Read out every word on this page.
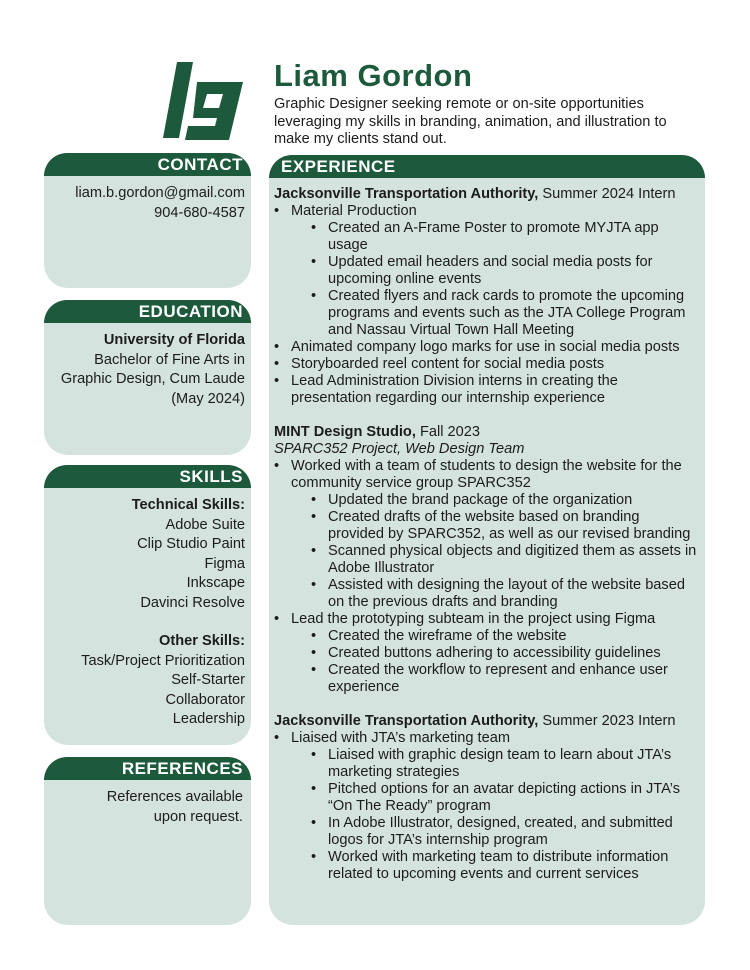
Liam Gordon
Graphic Designer seeking remote or on-site opportunities leveraging my skills in branding, animation, and illustration to make my clients stand out.
CONTACT
liam.b.gordon@gmail.com
904-680-4587
EDUCATION
University of Florida
Bachelor of Fine Arts in
Graphic Design, Cum Laude
(May 2024)
SKILLS
Technical Skills:
Adobe Suite
Clip Studio Paint
Figma
Inkscape
Davinci Resolve
Other Skills:
Task/Project Prioritization
Self-Starter
Collaborator
Leadership
REFERENCES
References available
upon request.
EXPERIENCE
Jacksonville Transportation Authority, Summer 2024 Intern
• Material Production
• Created an A-Frame Poster to promote MYJTA app usage
• Updated email headers and social media posts for upcoming online events
• Created flyers and rack cards to promote the upcoming programs and events such as the JTA College Program and Nassau Virtual Town Hall Meeting
• Animated company logo marks for use in social media posts
• Storyboarded reel content for social media posts
• Lead Administration Division interns in creating the presentation regarding our internship experience
MINT Design Studio, Fall 2023
SPARC352 Project, Web Design Team
• Worked with a team of students to design the website for the community service group SPARC352
• Updated the brand package of the organization
• Created drafts of the website based on branding provided by SPARC352, as well as our revised branding
• Scanned physical objects and digitized them as assets in Adobe Illustrator
• Assisted with designing the layout of the website based on the previous drafts and branding
• Lead the prototyping subteam in the project using Figma
• Created the wireframe of the website
• Created buttons adhering to accessibility guidelines
• Created the workflow to represent and enhance user experience
Jacksonville Transportation Authority, Summer 2023 Intern
• Liaised with JTA’s marketing team
• Liaised with graphic design team to learn about JTA’s marketing strategies
• Pitched options for an avatar depicting actions in JTA’s “On The Ready” program
• In Adobe Illustrator, designed, created, and submitted logos for JTA’s internship program
• Worked with marketing team to distribute information related to upcoming events and current services
